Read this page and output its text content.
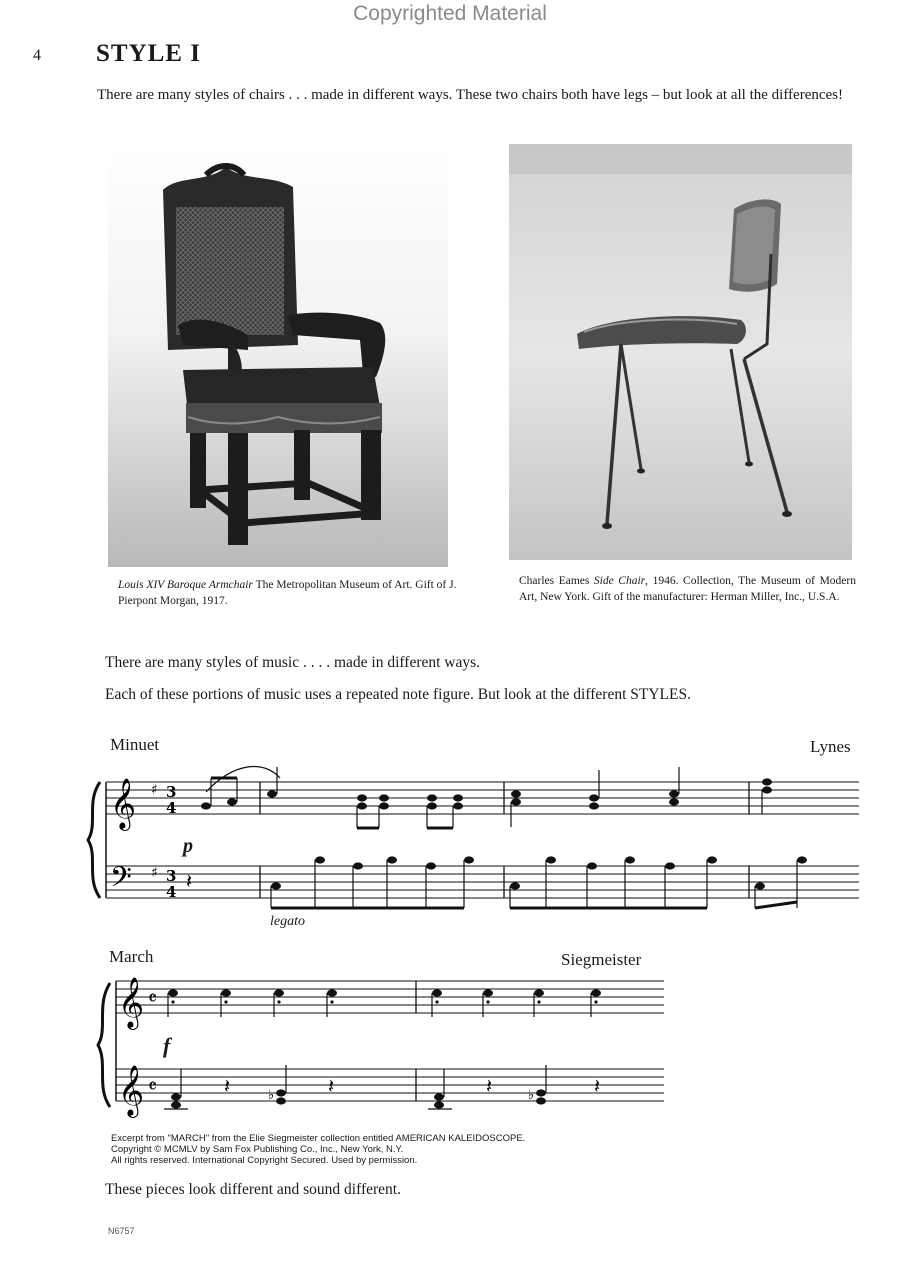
Copyrighted Material
4 STYLE I

There are many styles of chairs . . . made in different ways. These two chairs both have legs – but look at all the differences!

Louis XIV Baroque Armchair The Metropolitan Museum of Art. Gift of J. Pierpont Morgan, 1917.
Charles Eames Side Chair, 1946. Collection, The Museum of Modern Art, New York. Gift of the manufacturer: Herman Miller, Inc., U.S.A.

There are many styles of music . . . . made in different ways.

Each of these portions of music uses a repeated note figure. But look at the different STYLES.

Minuet	Lynes
𝄞
𝄢
♯
♯
3
4
3
4 𝄽
p
legato
March	Siegmeister
𝄞
𝄞
𝄴
𝄴	♭	♭
𝄽	𝄽	𝄽	𝄽
f
Excerpt from "MARCH" from the Elie Siegmeister collection entitled AMERICAN KALEIDOSCOPE.
Copyright © MCMLV by Sam Fox Publishing Co., Inc., New York, N.Y.
All rights reserved. International Copyright Secured. Used by permission.

These pieces look different and sound different.

N6757
